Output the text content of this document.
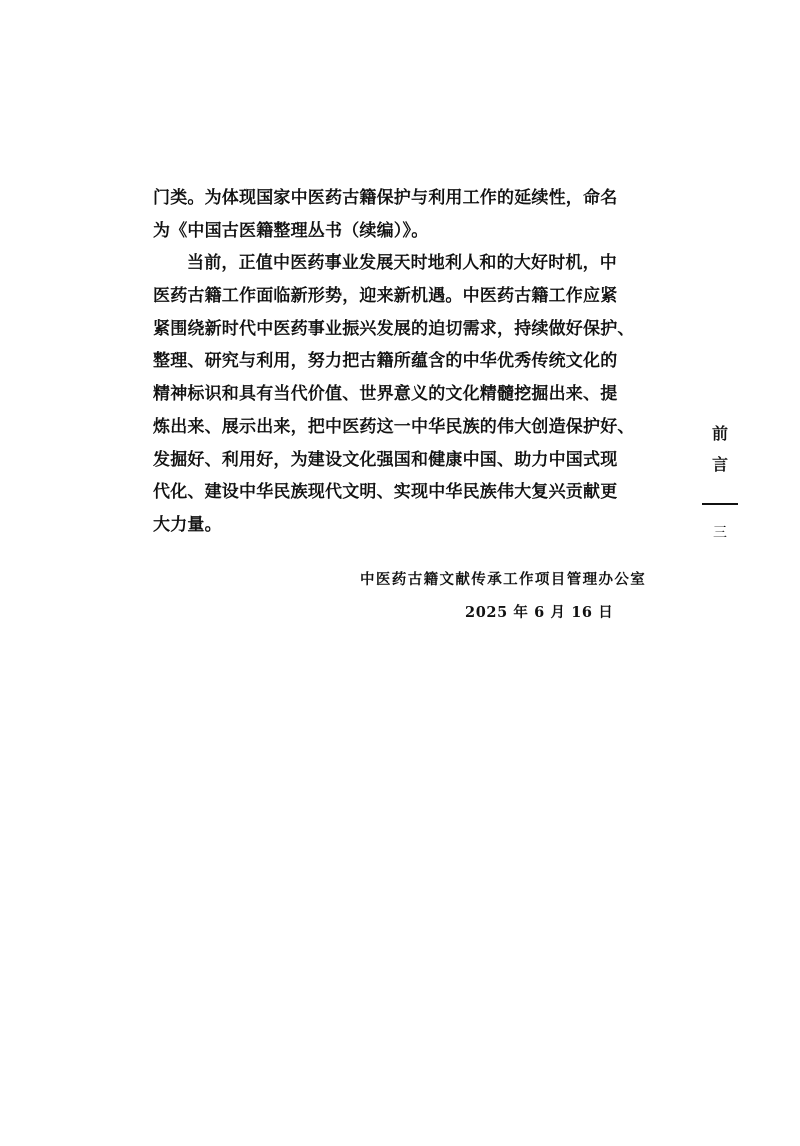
门类。为体现国家中医药古籍保护与利用工作的延续性，命名
为《中国古医籍整理丛书（续编）》。
当前，正值中医药事业发展天时地利人和的大好时机，中
医药古籍工作面临新形势，迎来新机遇。中医药古籍工作应紧
紧围绕新时代中医药事业振兴发展的迫切需求，持续做好保护、
整理、研究与利用，努力把古籍所蕴含的中华优秀传统文化的
精神标识和具有当代价值、世界意义的文化精髓挖掘出来、提
炼出来、展示出来，把中医药这一中华民族的伟大创造保护好、
发掘好、利用好，为建设文化强国和健康中国、助力中国式现
代化、建设中华民族现代文明、实现中华民族伟大复兴贡献更
大力量。
中医药古籍文献传承工作项目管理办公室
2025 年 6 月 16 日
前
言
三
